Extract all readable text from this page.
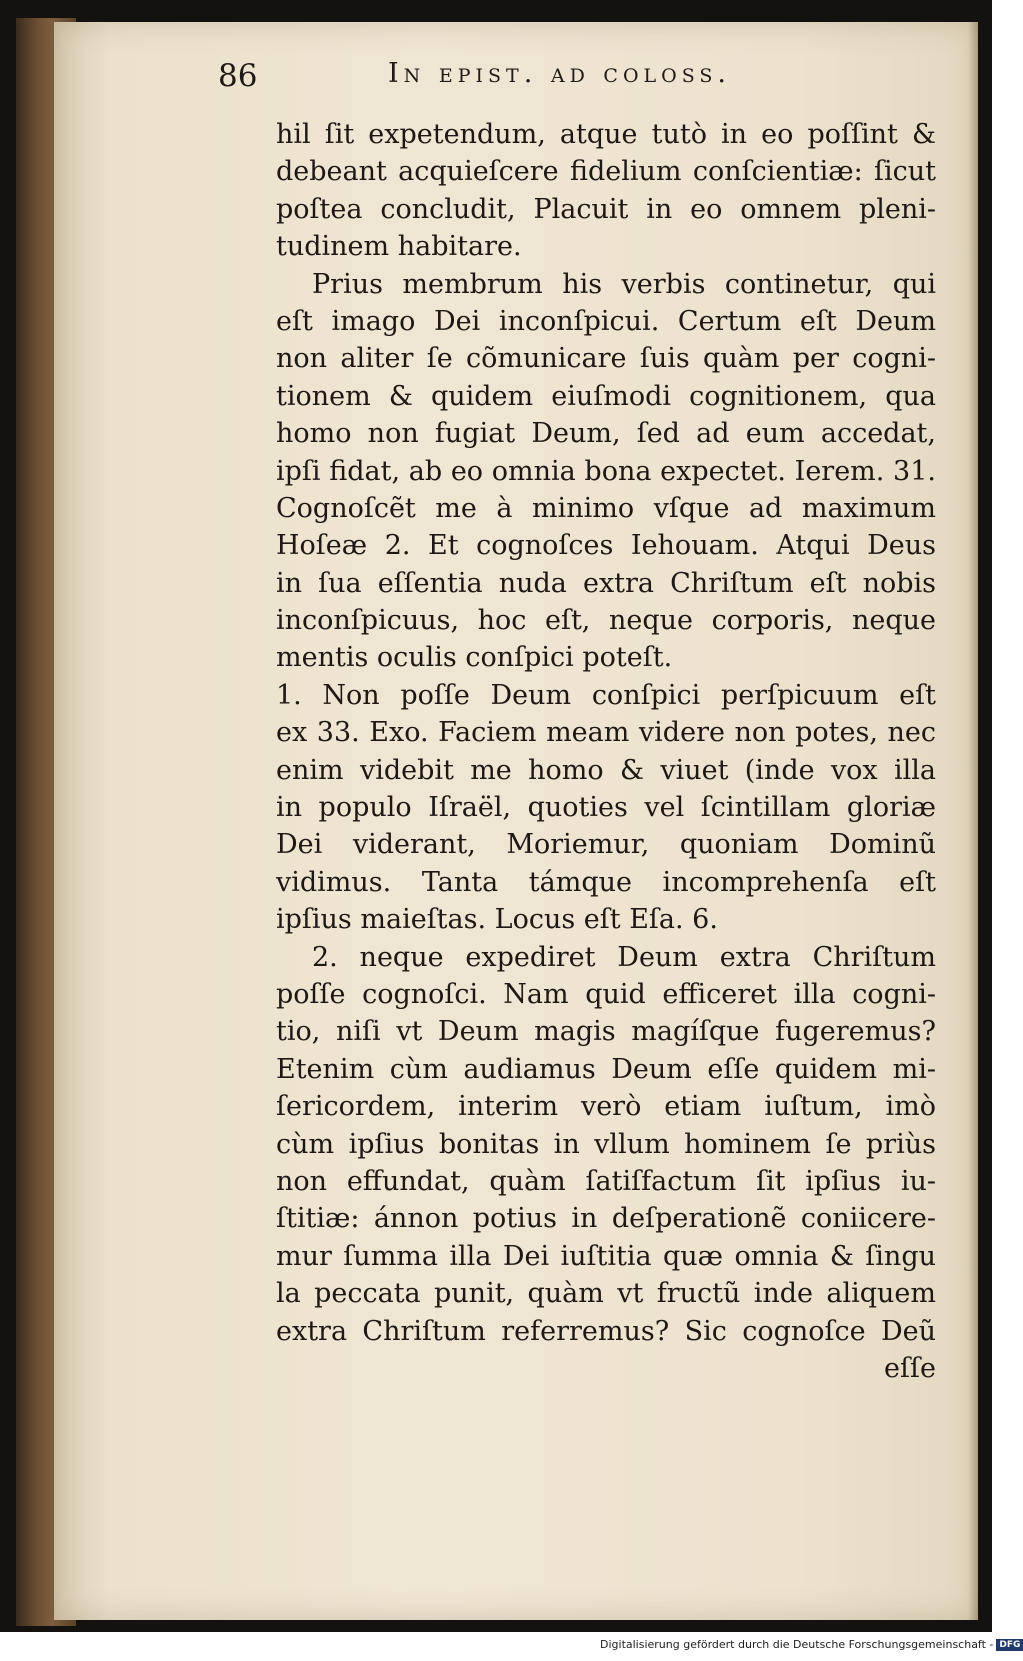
86	In epist. ad coloss.
hil ſit expetendum, atque tutò in eo poſſint &
debeant acquieſcere fidelium conſcientiæ: ſicut
poſtea concludit, Placuit in eo omnem pleni-
tudinem habitare.
Prius membrum his verbis continetur, qui
eſt imago Dei inconſpicui. Certum eſt Deum
non aliter ſe cõmunicare ſuis quàm per cogni-
tionem & quidem eiuſmodi cognitionem, qua
homo non fugiat Deum, ſed ad eum accedat,
ipſi fidat, ab eo omnia bona expectet. Ierem. 31.
Cognoſcẽt me à minimo vſque ad maximum
Hoſeæ 2. Et cognoſces Iehouam. Atqui Deus
in ſua eſſentia nuda extra Chriſtum eſt nobis
inconſpicuus, hoc eſt, neque corporis, neque
mentis oculis conſpici poteſt.
1. Non poſſe Deum conſpici perſpicuum eſt
ex 33. Exo. Faciem meam videre non potes, nec
enim videbit me homo & viuet (inde vox illa
in populo Iſraël, quoties vel ſcintillam gloriæ
Dei viderant, Moriemur, quoniam Dominũ
vidimus. Tanta támque incomprehenſa eſt
ipſius maieſtas. Locus eſt Eſa. 6.
2. neque expediret Deum extra Chriſtum
poſſe cognoſci. Nam quid efficeret illa cogni-
tio, niſi vt Deum magis magíſque fugeremus?
Etenim cùm audiamus Deum eſſe quidem mi-
ſericordem, interim verò etiam iuſtum, imò
cùm ipſius bonitas in vllum hominem ſe priùs
non effundat, quàm ſatiſfactum ſit ipſius iu-
ſtitiæ: ánnon potius in deſperationẽ coniicere-
mur ſumma illa Dei iuſtitia quæ omnia & ſingu
la peccata punit, quàm vt fructũ inde aliquem
extra Chriſtum referremus? Sic cognoſce Deũ
eſſe
Digitalisierung gefördert durch die Deutsche Forschungsgemeinschaft - DFG
